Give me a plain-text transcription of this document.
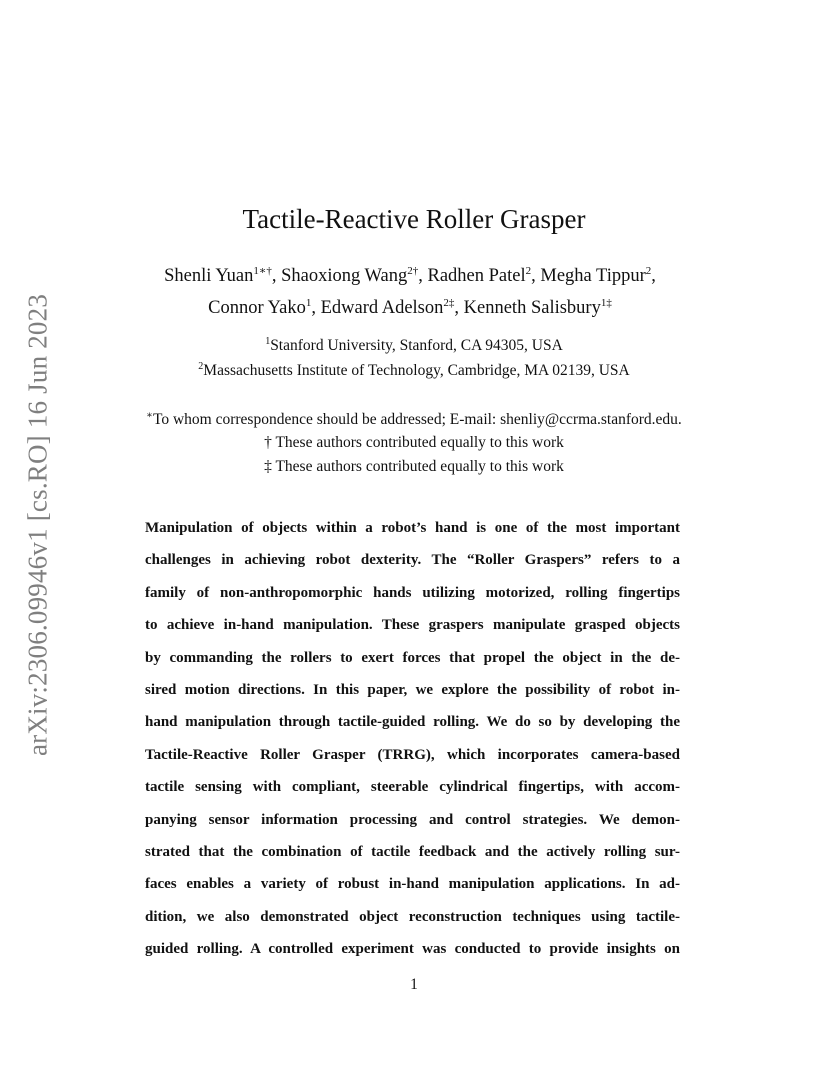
arXiv:2306.09946v1 [cs.RO] 16 Jun 2023
Tactile-Reactive Roller Grasper
Shenli Yuan$^{1∗\dagger}$, Shaoxiong Wang$^{2\dagger}$, Radhen Patel$^2$, Megha Tippur$^2$,
Connor Yako$^1$, Edward Adelson$^{2\ddagger}$, Kenneth Salisbury$^{1\ddagger}$
$^1$Stanford University, Stanford, CA 94305, USA
$^2$Massachusetts Institute of Technology, Cambridge, MA 02139, USA
∗To whom correspondence should be addressed; E-mail: shenliy@ccrma.stanford.edu.
† These authors contributed equally to this work
‡ These authors contributed equally to this work
Manipulation of objects within a robot’s hand is one of the most important
challenges in achieving robot dexterity. The “Roller Graspers” refers to a
family of non-anthropomorphic hands utilizing motorized, rolling fingertips
to achieve in-hand manipulation. These graspers manipulate grasped objects
by commanding the rollers to exert forces that propel the object in the de-
sired motion directions. In this paper, we explore the possibility of robot in-
hand manipulation through tactile-guided rolling. We do so by developing the
Tactile-Reactive Roller Grasper (TRRG), which incorporates camera-based
tactile sensing with compliant, steerable cylindrical fingertips, with accom-
panying sensor information processing and control strategies. We demon-
strated that the combination of tactile feedback and the actively rolling sur-
faces enables a variety of robust in-hand manipulation applications. In ad-
dition, we also demonstrated object reconstruction techniques using tactile-
guided rolling. A controlled experiment was conducted to provide insights on
1
